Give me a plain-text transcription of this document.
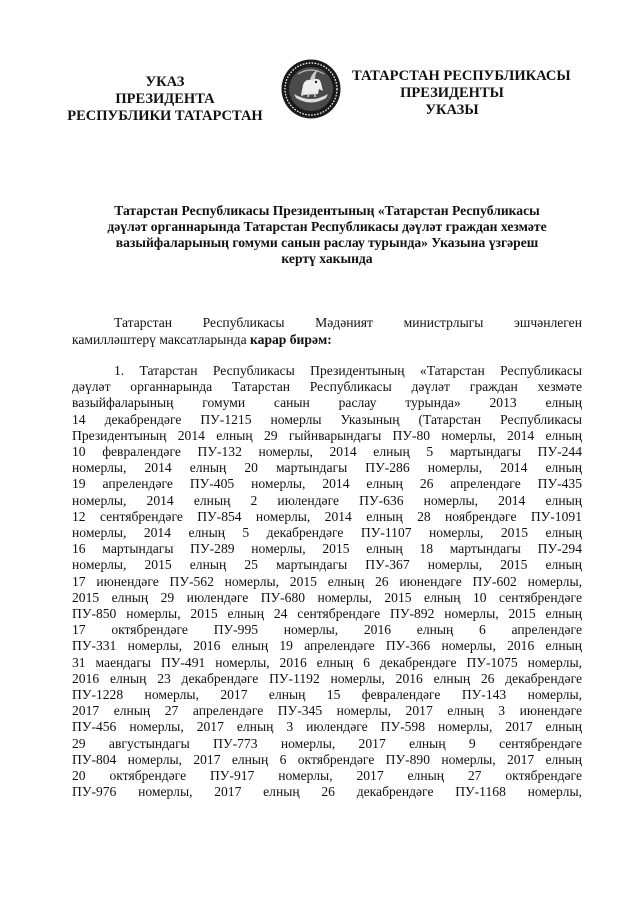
УКАЗ
ПРЕЗИДЕНТА
РЕСПУБЛИКИ ТАТАРСТАН
ТАТАРСТАН РЕСПУБЛИКАСЫ
ПРЕЗИДЕНТЫ
УКАЗЫ
Татарстан Республикасы Президентының «Татарстан Республикасы
дәүләт органнарында Татарстан Республикасы дәүләт граждан хезмәте
вазыйфаларының гомуми санын раслау турында» Указына үзгәреш
кертү хакында
Татарстан Республикасы Мәдәният министрлыгы эшчәнлеген
камилләштерү максатларында карар бирәм:
1. Татарстан Республикасы Президентының «Татарстан Республикасы
дәүләт органнарында Татарстан Республикасы дәүләт граждан хезмәте
вазыйфаларының гомуми санын раслау турында» 2013 елның
14 декабрендәге ПУ-1215 номерлы Указының (Татарстан Республикасы
Президентының 2014 елның 29 гыйнварындагы ПУ-80 номерлы, 2014 елның
10 февралендәге ПУ-132 номерлы, 2014 елның 5 мартындагы ПУ-244
номерлы, 2014 елның 20 мартындагы ПУ-286 номерлы, 2014 елның
19 апрелендәге ПУ-405 номерлы, 2014 елның 26 апрелендәге ПУ-435
номерлы, 2014 елның 2 июлендәге ПУ-636 номерлы, 2014 елның
12 сентябрендәге ПУ-854 номерлы, 2014 елның 28 ноябрендәге ПУ-1091
номерлы, 2014 елның 5 декабрендәге ПУ-1107 номерлы, 2015 елның
16 мартындагы ПУ-289 номерлы, 2015 елның 18 мартындагы ПУ-294
номерлы, 2015 елның 25 мартындагы ПУ-367 номерлы, 2015 елның
17 июнендәге ПУ-562 номерлы, 2015 елның 26 июнендәге ПУ-602 номерлы,
2015 елның 29 июлендәге ПУ-680 номерлы, 2015 елның 10 сентябрендәге
ПУ-850 номерлы, 2015 елның 24 сентябрендәге ПУ-892 номерлы, 2015 елның
17 октябрендәге ПУ-995 номерлы, 2016 елның 6 апрелендәге
ПУ-331 номерлы, 2016 елның 19 апрелендәге ПУ-366 номерлы, 2016 елның
31 маендагы ПУ-491 номерлы, 2016 елның 6 декабрендәге ПУ-1075 номерлы,
2016 елның 23 декабрендәге ПУ-1192 номерлы, 2016 елның 26 декабрендәге
ПУ-1228 номерлы, 2017 елның 15 февралендәге ПУ-143 номерлы,
2017 елның 27 апрелендәге ПУ-345 номерлы, 2017 елның 3 июнендәге
ПУ-456 номерлы, 2017 елның 3 июлендәге ПУ-598 номерлы, 2017 елның
29 августындагы ПУ-773 номерлы, 2017 елның 9 сентябрендәге
ПУ-804 номерлы, 2017 елның 6 октябрендәге ПУ-890 номерлы, 2017 елның
20 октябрендәге ПУ-917 номерлы, 2017 елның 27 октябрендәге
ПУ-976 номерлы, 2017 елның 26 декабрендәге ПУ-1168 номерлы,
